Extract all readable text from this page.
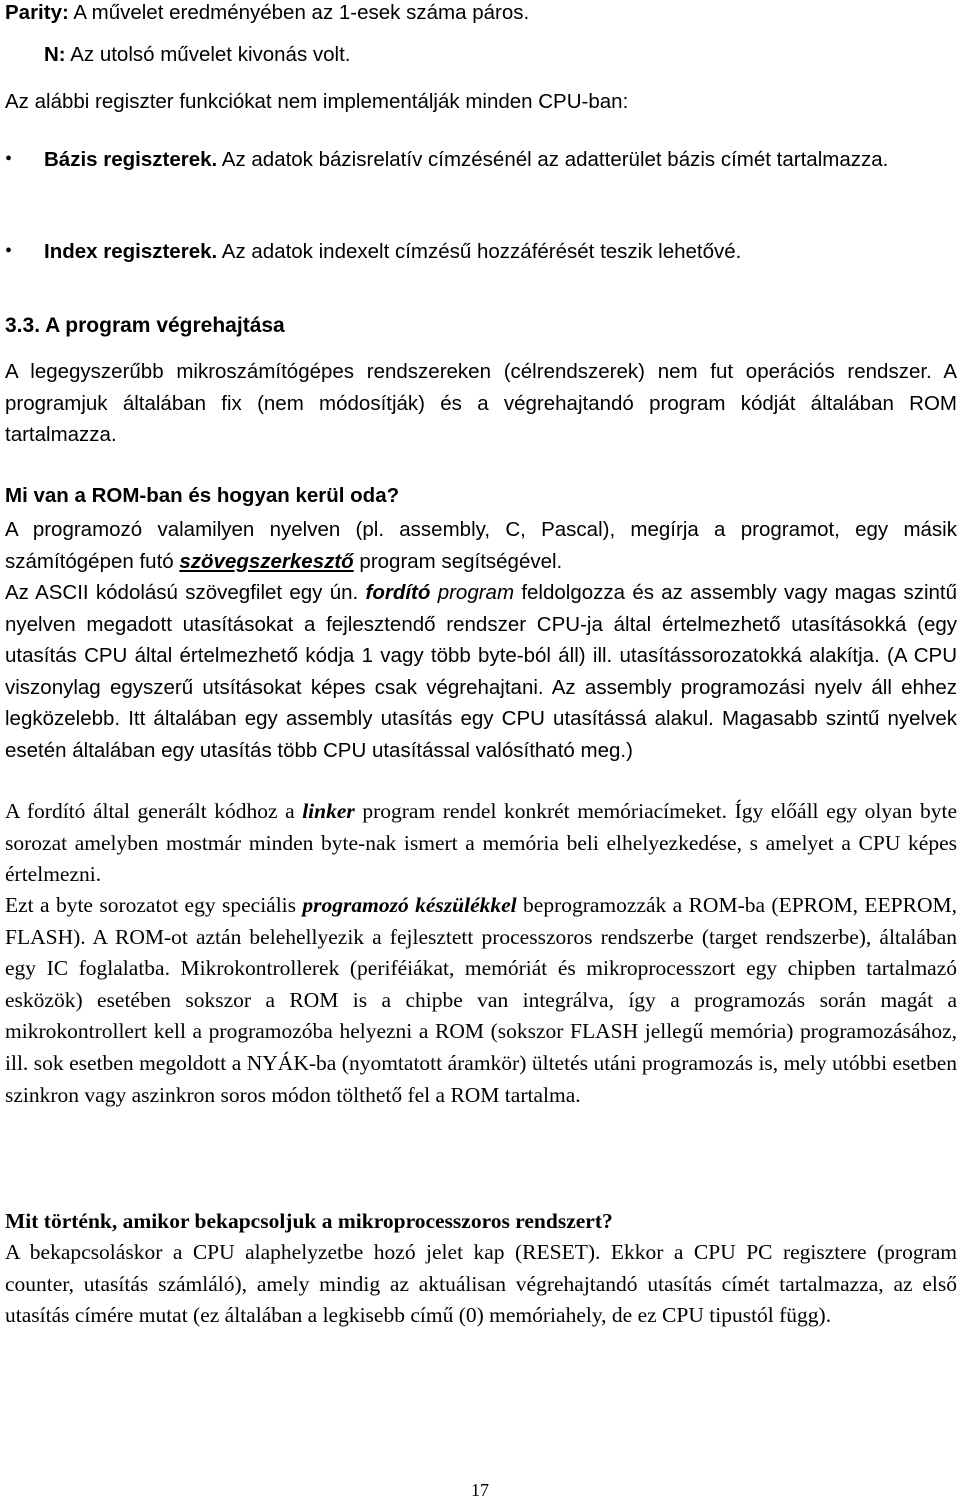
Parity: A művelet eredményében az 1-esek száma páros.

N: Az utolsó művelet kivonás volt.

Az alábbi regiszter funkciókat nem implementálják minden CPU-ban:

• Bázis regiszterek. Az adatok bázisrelatív címzésénél az adatterület bázis címét tartalmazza.

• Index regiszterek. Az adatok indexelt címzésű hozzáférését teszik lehetővé.

3.3. A program végrehajtása

A legegyszerűbb mikroszámítógépes rendszereken (célrendszerek) nem fut operációs rendszer. A programjuk általában fix (nem módosítják) és a végrehajtandó program kódját általában ROM tartalmazza.

Mi van a ROM-ban és hogyan kerül oda?

A programozó valamilyen nyelven (pl. assembly, C, Pascal), megírja a programot, egy másik számítógépen futó szövegszerkesztő program segítségével.

Az ASCII kódolású szövegfilet egy ún. fordító program feldolgozza és az assembly vagy magas szintű nyelven megadott utasításokat a fejlesztendő rendszer CPU-ja által értelmezhető utasításokká (egy utasítás CPU által értelmezhető kódja 1 vagy több byte-ból áll) ill. utasítássorozatokká alakítja. (A CPU viszonylag egyszerű utsításokat képes csak végrehajtani. Az assembly programozási nyelv áll ehhez legközelebb. Itt általában egy assembly utasítás egy CPU utasítássá alakul. Magasabb szintű nyelvek esetén általában egy utasítás több CPU utasítással valósítható meg.)

A fordító által generált kódhoz a linker program rendel konkrét memóriacímeket. Így előáll egy olyan byte sorozat amelyben mostmár minden byte-nak ismert a memória beli elhelyezkedése, s amelyet a CPU képes értelmezni.

Ezt a byte sorozatot egy speciális programozó készülékkel beprogramozzák a ROM-ba (EPROM, EEPROM, FLASH). A ROM-ot aztán belehellyezik a fejlesztett processzoros rendszerbe (target rendszerbe), általában egy IC foglalatba. Mikrokontrollerek (periféiákat, memóriát és mikroprocesszort egy chipben tartalmazó esközök) esetében sokszor a ROM is a chipbe van integrálva, így a programozás során magát a mikrokontrollert kell a programozóba helyezni a ROM (sokszor FLASH jellegű memória) programozásához, ill. sok esetben megoldott a NYÁK-ba (nyomtatott áramkör) ültetés utáni programozás is, mely utóbbi esetben szinkron vagy aszinkron soros módon tölthető fel a ROM tartalma.

Mit történk, amikor bekapcsoljuk a mikroprocesszoros rendszert?

A bekapcsoláskor a CPU alaphelyzetbe hozó jelet kap (RESET). Ekkor a CPU PC regisztere (program counter, utasítás számláló), amely mindig az aktuálisan végrehajtandó utasítás címét tartalmazza, az első utasítás címére mutat (ez általában a legkisebb című (0) memóriahely, de ez CPU tipustól függ).

17
